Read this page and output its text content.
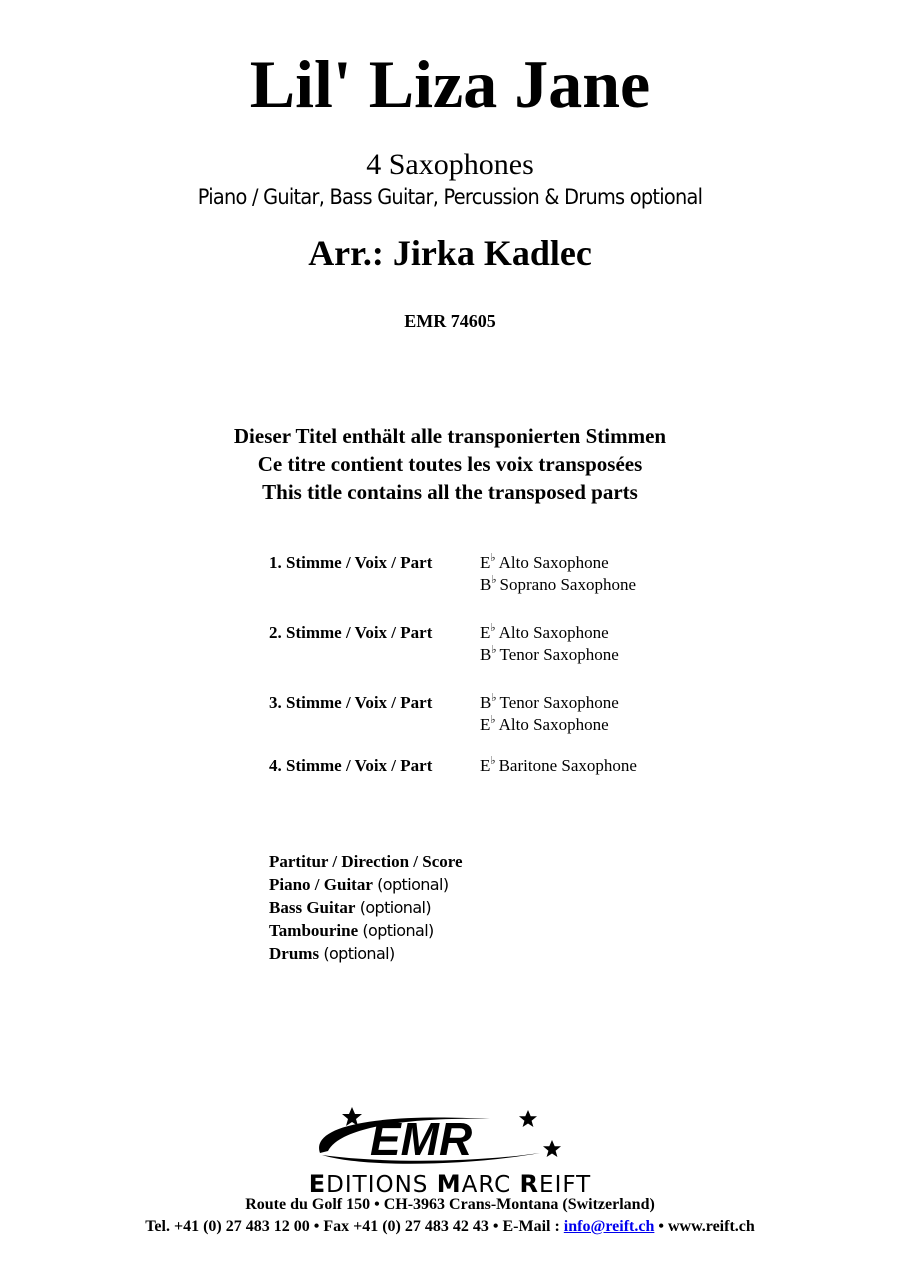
Lil' Liza Jane
4 Saxophones
Piano / Guitar, Bass Guitar, Percussion & Drums optional
Arr.: Jirka Kadlec
EMR 74605
Dieser Titel enthält alle transponierten Stimmen
Ce titre contient toutes les voix transposées
This title contains all the transposed parts
1. Stimme / Voix / Part	E♭ Alto Saxophone
B♭ Soprano Saxophone
2. Stimme / Voix / Part	E♭ Alto Saxophone
B♭ Tenor Saxophone
3. Stimme / Voix / Part	B♭ Tenor Saxophone
E♭ Alto Saxophone
4. Stimme / Voix / Part	E♭ Baritone Saxophone
Partitur / Direction / Score
Piano / Guitar (optional)
Bass Guitar (optional)
Tambourine (optional)
Drums (optional)
EMR
EDITIONS MARC REIFT
Route du Golf 150 • CH-3963 Crans-Montana (Switzerland)
Tel. +41 (0) 27 483 12 00 • Fax +41 (0) 27 483 42 43 • E-Mail : info@reift.ch • www.reift.ch
